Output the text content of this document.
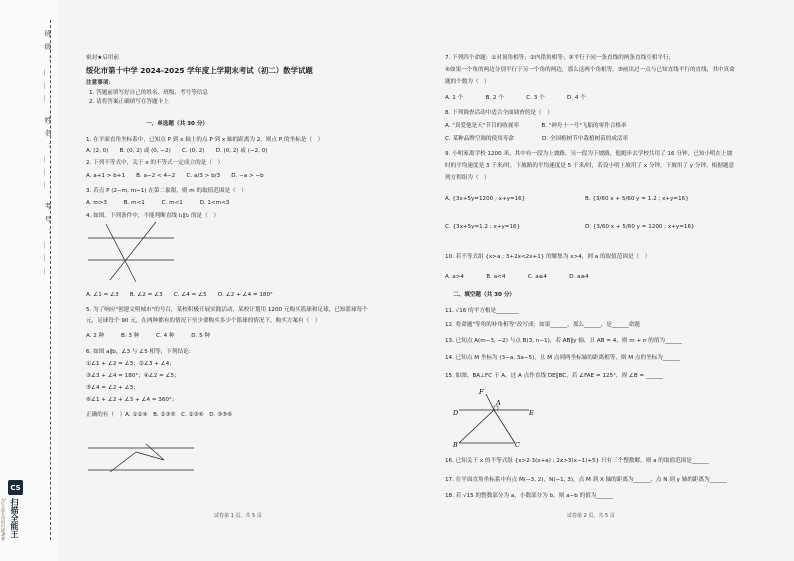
班级：＿＿＿ 姓名：＿＿＿ 考号：＿＿＿
CS
扫描全能王
3亿人都在用的扫描App
密封★启用前
绥化市第十中学 2024-2025 学年度上学期末考试（初二）数学试题
注意事项：
1. 答题前填写好自己的姓名、班级、考号等信息
2. 请将答案正确填写在答题卡上
一、单选题（共 30 分）
1. 在平面直角坐标系中，已知点 P 到 x 轴上的点 P 到 x 轴的距离为 2，则点 P 的坐标是（　）
A. (2, 0)　　B. (0, 2) 或 (0, −2)　　C. (0, 2)　　D. (0, 2) 或 (−2, 0)
2. 下列不等式中，关于 x 的不等式一定成立的是（　）
A. a+1 > b+1　　B. a−2 < 4−2　　C. a/3 > b/3　　D. −a > −b
3. 若点 P (2−m, m−1) 在第二象限，则 m 的取值范围是（　）
A. m>3　　　B. m<1　　　C. m<1　　　D. 1<m<3
4. 如图，下列条件中，不能判断直线 l₁∥l₂ 的是（　）
A. ∠1 = ∠3　　B. ∠2 = ∠3　　C. ∠4 = ∠5　　D. ∠2 + ∠4 = 180°
5. 为了响应"创建文明城市"的号召，某校积极开展实践活动，某校计划用 1200 元购买篮球和足球，已知篮球每个
元，足球每个 90 元，在两种都有的情况下至少要购买多少个篮球的情况下，购买方案有（　）
A. 2 种　　　B. 3 种　　　C. 4 种　　　D. 5 种
6. 如图 a∥b，∠3 与 ∠5 相等，下列结论：
①∠1 + ∠2 = ∠3；②∠3 + ∠4；
③∠3 + ∠4 = 180°；④∠2 = ∠5；
⑤∠4 = ∠2 + ∠3；
⑥∠1 + ∠2 + ∠3 + ∠4 = 360°；
正确的有（　）A. ①②④　B. ②③⑤　C. ②③⑥　D. ③⑤⑥
试卷第 1 页，共 5 页
7. 下列四个命题：①对顶角相等；②内错角相等；③平行于同一条直线的两条直线互相平行；
④如果一个角的两边分别平行于另一个角的两边，那么这两个角相等。⑤画出过一点与已知直线平行的直线，其中真命
题的个数为（　）
A. 1 个　　　　B. 2 个　　　　C. 3 个　　　　D. 4 个
8. 下列调查活动中适合全面调查的是（　）
A. "真爱他是天"节目的收视率　　　　B. "神舟十一号"飞船的零件合格率
C. 某种品牌空调的使用寿命　　　　　D. 全国植树节中栽植树苗的成活率
9. 小明家离学校 1200 米，其中有一段为上坡路，另一段为下坡路，他跑步去学校共用了 16 分钟，已知小明在上坡
时的平均速度是 3 千米/时，下坡路的平均速度是 5 千米/时，若设小明上坡用了 x 分钟，下坡用了 y 分钟，根据题意
列方程组为（　）
A. {3x+5y=1200 ; x+y=16}	B. {3/60 x + 5/60 y = 1.2 ; x+y=16}
C. {3x+5y=1.2 ; x+y=16}	D. {3/60 x + 5/60 y = 1200 ; x+y=16}
10. 若不等式组 {x>a ; 3+2x<2x+1} 的解集为 x>4，则 a 的取值范围是（　）
A. a>4　　　　B. a<4　　　　C. a≤4　　　　D. a≥4
二、填空题（共 30 分）
11. √16 的平方根是________
12. 将命题"等角的补角相等"改写成：如果______，那么______，是______命题
13. 已知点 A(m−3, −2) 与点 B(3, n−1)，若 AB∥y 轴，且 AB = 4，则 m + n 的值为______
14. 已知点 M 坐标为 (3−a, 3a−5)，且 M 点到两坐标轴的距离相等，则 M 点的坐标为______
15. 如图，BA⊥FC 于 A，过 A 点作直线 DE∥BC，若 ∠FAE = 125°，则 ∠B = ______
F
A
D	E
B	C
16. 已知关于 x 的不等式组 {x>2·3(x+a) ; 2x>3(x−1)+5} 只有三个整数解，则 a 的取值范围是______
17. 在平面直角坐标系中有点 M(−3, 2)，N(−1, 3)，点 M 到 X 轴的距离为______，点 N 到 y 轴的距离为______
18. 若 √15 的整数部分为 a，小数部分为 b，则 a−b 的值为______
试卷第 2 页，共 5 页
